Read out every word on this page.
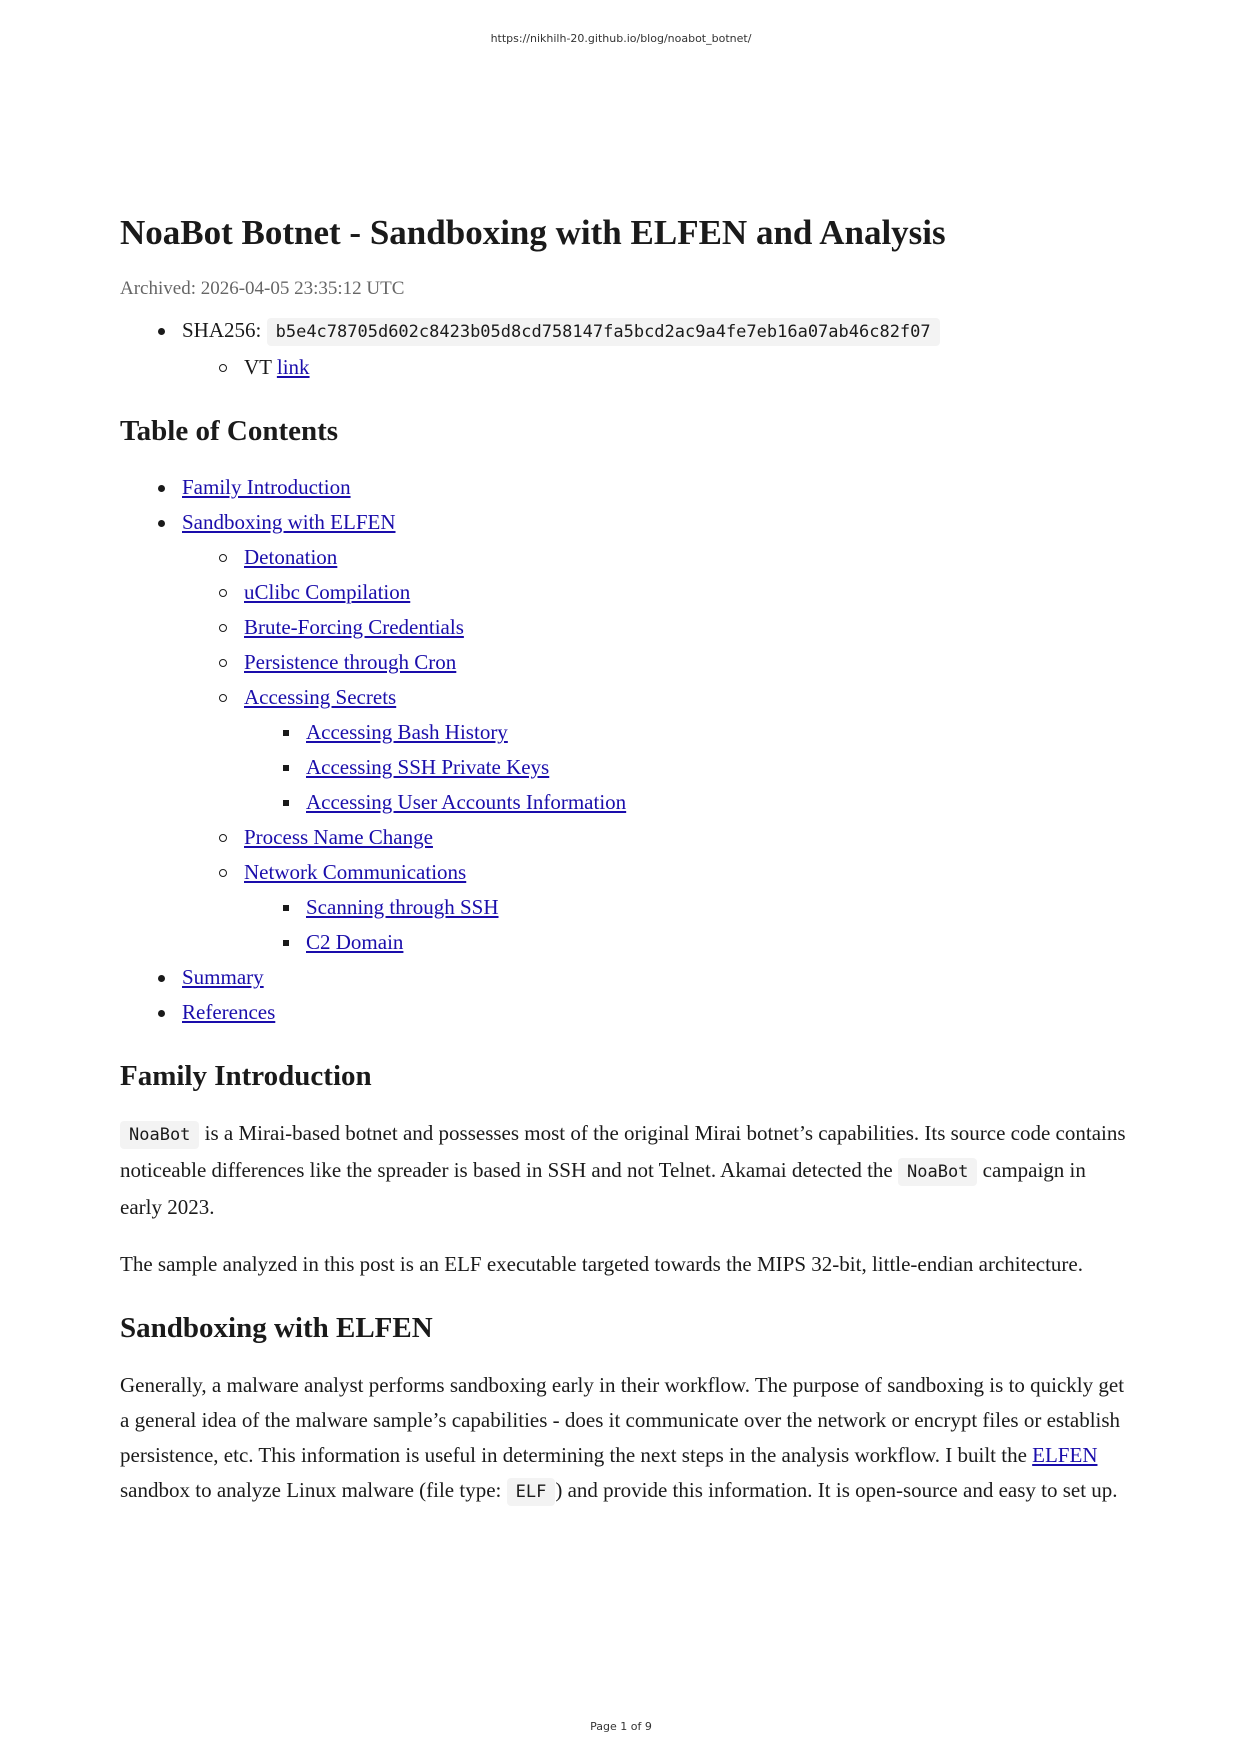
https://nikhilh-20.github.io/blog/noabot_botnet/
NoaBot Botnet - Sandboxing with ELFEN and Analysis
Archived: 2026-04-05 23:35:12 UTC
SHA256: b5e4c78705d602c8423b05d8cd758147fa5bcd2ac9a4fe7eb16a07ab46c82f07
VT link
Table of Contents
Family Introduction
Sandboxing with ELFEN
Detonation
uClibc Compilation
Brute-Forcing Credentials
Persistence through Cron
Accessing Secrets
Accessing Bash History
Accessing SSH Private Keys
Accessing User Accounts Information
Process Name Change
Network Communications
Scanning through SSH
C2 Domain
Summary
References
Family Introduction

NoaBot is a Mirai-based botnet and possesses most of the original Mirai botnet’s capabilities. Its source code contains noticeable differences like the spreader is based in SSH and not Telnet. Akamai detected the NoaBot campaign in early 2023.

The sample analyzed in this post is an ELF executable targeted towards the MIPS 32-bit, little-endian architecture.

Sandboxing with ELFEN

Generally, a malware analyst performs sandboxing early in their workflow. The purpose of sandboxing is to quickly get a general idea of the malware sample’s capabilities - does it communicate over the network or encrypt files or establish persistence, etc. This information is useful in determining the next steps in the analysis workflow. I built the ELFEN sandbox to analyze Linux malware (file type: ELF ) and provide this information. It is open-source and easy to set up.

Page 1 of 9
